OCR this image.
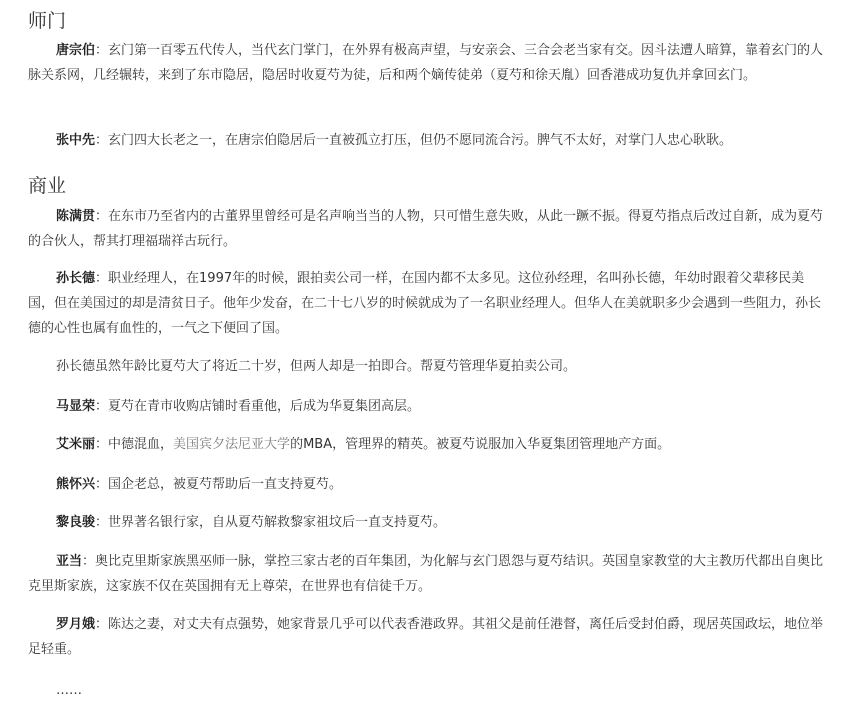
师门

唐宗伯：玄门第一百零五代传人，当代玄门掌门，在外界有极高声望，与安亲会、三合会老当家有交。因斗法遭人暗算，靠着玄门的人脉关系网，几经辗转，来到了东市隐居，隐居时收夏芍为徒，后和两个嫡传徒弟（夏芍和徐天胤）回香港成功复仇并拿回玄门。

张中先：玄门四大长老之一，在唐宗伯隐居后一直被孤立打压，但仍不愿同流合污。脾气不太好，对掌门人忠心耿耿。

商业

陈满贯：在东市乃至省内的古董界里曾经可是名声响当当的人物，只可惜生意失败，从此一蹶不振。得夏芍指点后改过自新，成为夏芍的合伙人，帮其打理福瑞祥古玩行。

孙长德：职业经理人，在1997年的时候，跟拍卖公司一样，在国内都不太多见。这位孙经理，名叫孙长德，年幼时跟着父辈移民美国，但在美国过的却是清贫日子。他年少发奋，在二十七八岁的时候就成为了一名职业经理人。但华人在美就职多少会遇到一些阻力，孙长德的心性也属有血性的，一气之下便回了国。

孙长德虽然年龄比夏芍大了将近二十岁，但两人却是一拍即合。帮夏芍管理华夏拍卖公司。

马显荣：夏芍在青市收购店铺时看重他，后成为华夏集团高层。

艾米丽：中德混血，美国宾夕法尼亚大学的MBA，管理界的精英。被夏芍说服加入华夏集团管理地产方面。

熊怀兴：国企老总，被夏芍帮助后一直支持夏芍。

黎良骏：世界著名银行家，自从夏芍解救黎家祖坟后一直支持夏芍。

亚当：奥比克里斯家族黑巫师一脉，掌控三家古老的百年集团，为化解与玄门恩怨与夏芍结识。英国皇家教堂的大主教历代都出自奥比克里斯家族，这家族不仅在英国拥有无上尊荣，在世界也有信徒千万。

罗月娥：陈达之妻，对丈夫有点强势，她家背景几乎可以代表香港政界。其祖父是前任港督，离任后受封伯爵，现居英国政坛，地位举足轻重。

……
